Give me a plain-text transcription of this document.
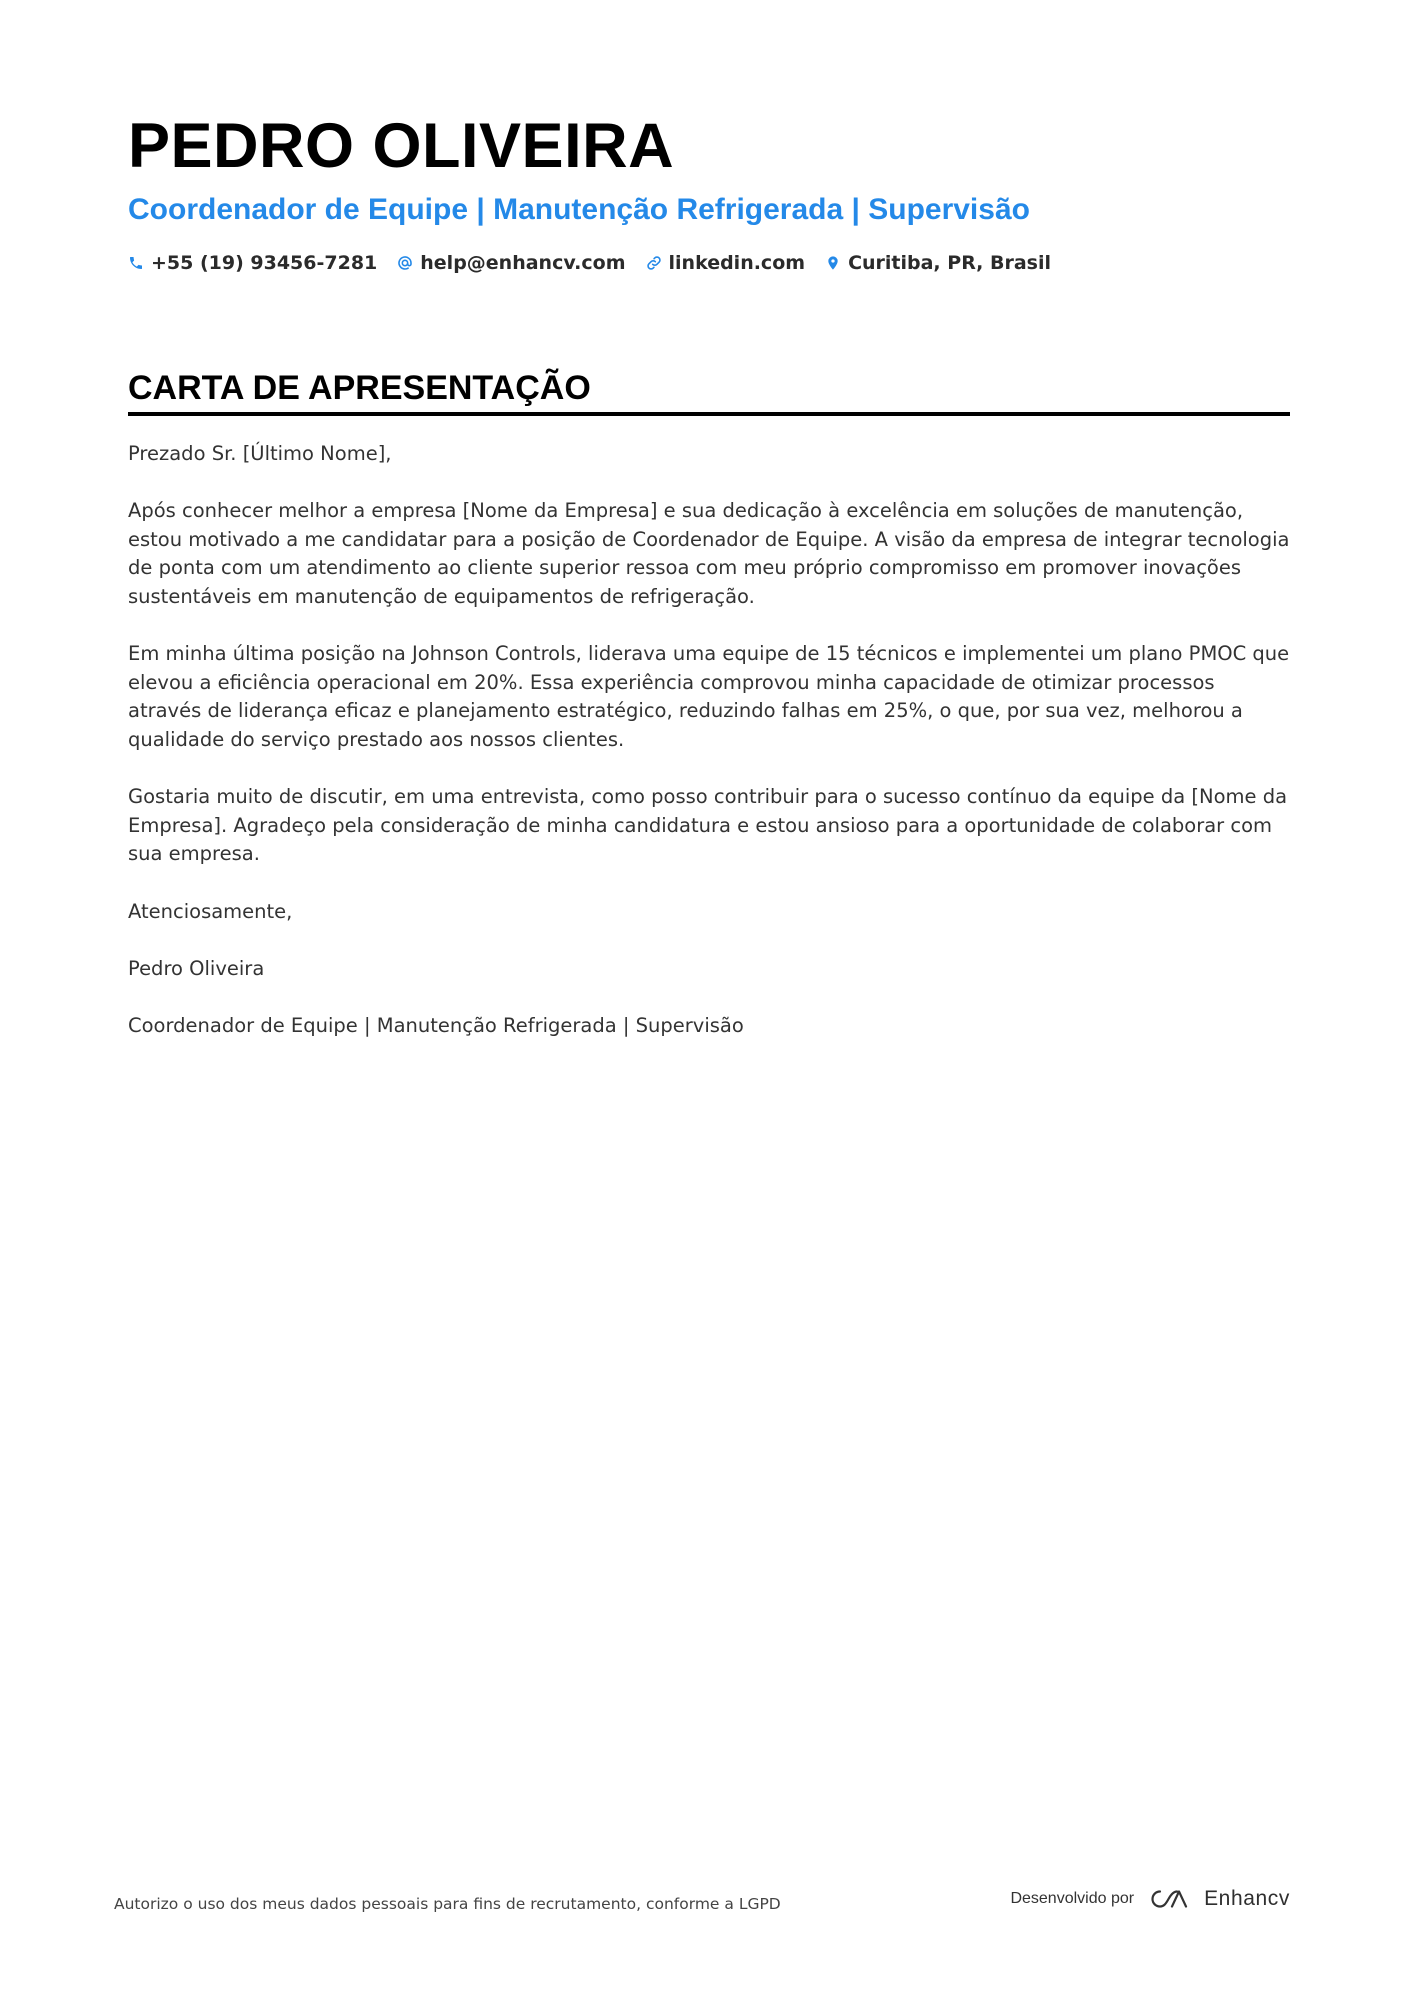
PEDRO OLIVEIRA
Coordenador de Equipe | Manutenção Refrigerada | Supervisão
+55 (19) 93456-7281 help@enhancv.com linkedin.com Curitiba, PR, Brasil
CARTA DE APRESENTAÇÃO

Prezado Sr. [Último Nome],

Após conhecer melhor a empresa [Nome da Empresa] e sua dedicação à excelência em soluções de manutenção, estou motivado a me candidatar para a posição de Coordenador de Equipe. A visão da empresa de integrar tecnologia de ponta com um atendimento ao cliente superior ressoa com meu próprio compromisso em promover inovações sustentáveis em manutenção de equipamentos de refrigeração.

Em minha última posição na Johnson Controls, liderava uma equipe de 15 técnicos e implementei um plano PMOC que elevou a eficiência operacional em 20%. Essa experiência comprovou minha capacidade de otimizar processos através de liderança eficaz e planejamento estratégico, reduzindo falhas em 25%, o que, por sua vez, melhorou a qualidade do serviço prestado aos nossos clientes.

Gostaria muito de discutir, em uma entrevista, como posso contribuir para o sucesso contínuo da equipe da [Nome da Empresa]. Agradeço pela consideração de minha candidatura e estou ansioso para a oportunidade de colaborar com sua empresa.

Atenciosamente,

Pedro Oliveira

Coordenador de Equipe | Manutenção Refrigerada | Supervisão

Autorizo o uso dos meus dados pessoais para fins de recrutamento, conforme a LGPD	Desenvolvido por	Enhancv
